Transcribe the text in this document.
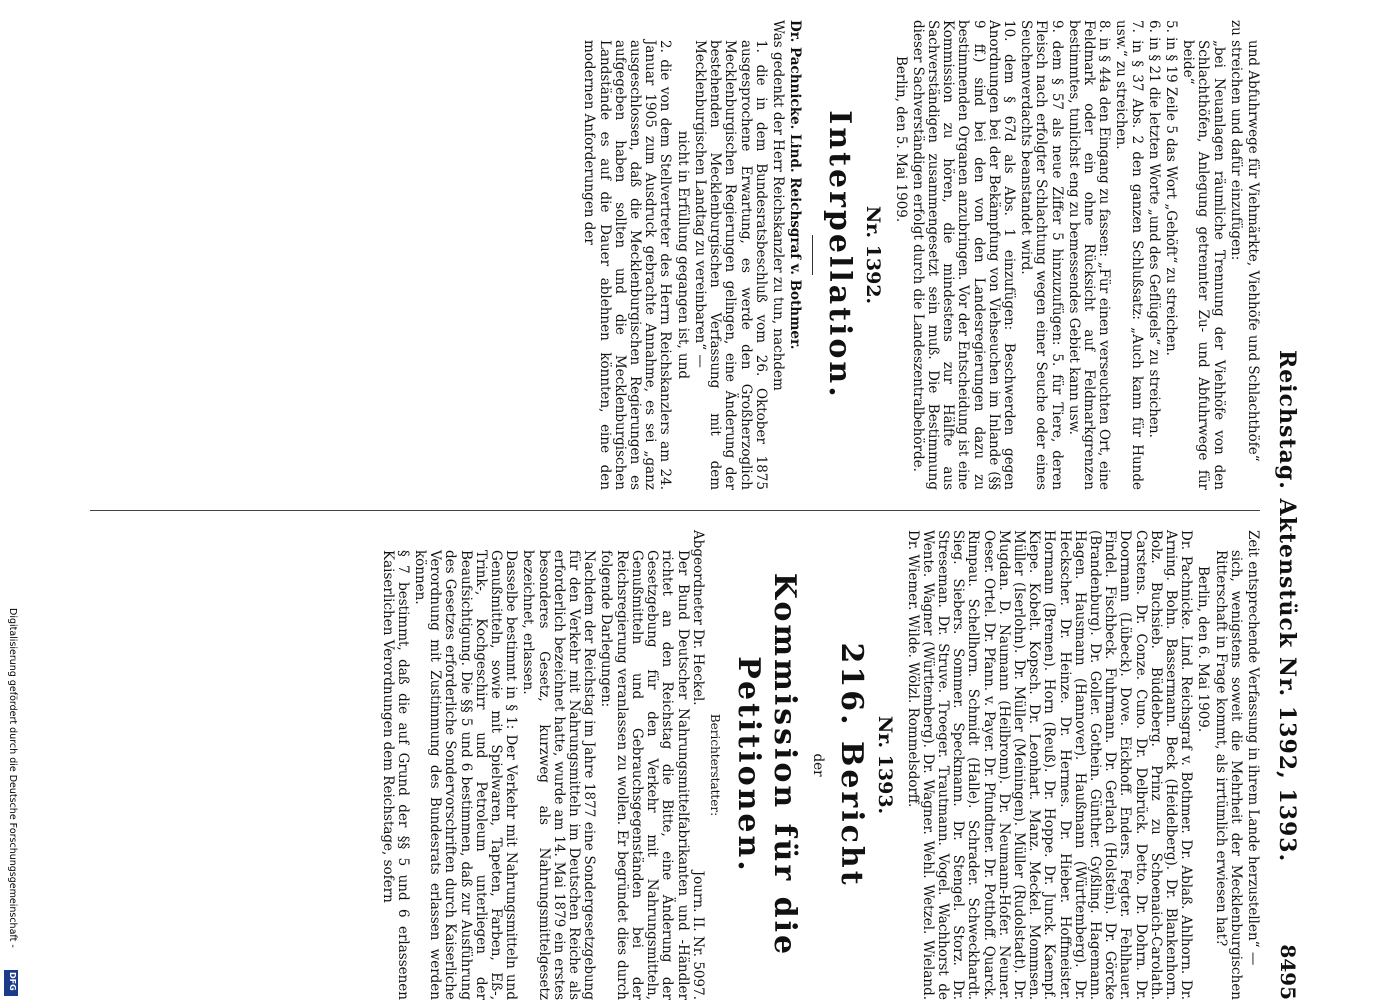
Reichstag. Aktenstück Nr. 1392, 1393.
8495

und Abfuhrwege für Viehmärkte, Viehhöfe und Schlachthöfe“

zu streichen und dafür einzufügen:

„bei Neuanlagen räumliche Trennung der Viehhöfe von den Schlachthöfen, Anlegung getrennter Zu- und Abfuhrwege für beide“

5. in § 19 Zeile 5 das Wort „Gehöft“ zu streichen.

6. in § 21 die letzten Worte „und des Geflügels“ zu streichen.

7. in § 37 Abs. 2 den ganzen Schlußsatz: „Auch kann für Hunde usw.“ zu streichen.

8. in § 44a den Eingang zu fassen: „Für einen verseuchten Ort, eine Feldmark oder ein ohne Rücksicht auf Feldmarkgrenzen bestimmtes, tunlichst eng zu bemessendes Gebiet kann usw.

9. dem § 57 als neue Ziffer 5 hinzuzufügen: 5. für Tiere, deren Fleisch nach erfolgter Schlachtung wegen einer Seuche oder eines Seuchenverdachts beanstandet wird.

10. dem § 67d als Abs. 1 einzufügen: Beschwerden gegen Anordnungen bei der Bekämpfung von Viehseuchen im Inlande (§§ 9 ff.) sind bei den von den Landesregierungen dazu zu bestimmenden Organen anzubringen. Vor der Entscheidung ist eine Kommission zu hören, die mindestens zur Hälfte aus Sachverständigen zusammengesetzt sein muß. Die Bestimmung dieser Sachverständigen erfolgt durch die Landeszentralbehörde.

Berlin, den 5. Mai 1909.

Nr. 1392.
Interpellation.

Dr. Pachnicke. Lind. Reichsgraf v. Bothmer.

Was gedenkt der Herr Reichskanzler zu tun, nachdem

1. die in dem Bundesratsbeschluß vom 26. Oktober 1875 ausgesprochene Erwartung, es werde den Großherzoglich Mecklenburgischen Regierungen gelingen, eine Änderung der bestehenden Mecklenburgischen Verfassung mit dem Mecklenburgischen Landtag zu vereinbaren“ —

nicht in Erfüllung gegangen ist, und

2. die von dem Stellvertreter des Herrn Reichskanzlers am 24. Januar 1905 zum Ausdruck gebrachte Annahme, es sei „ganz ausgeschlossen, daß die Mecklenburgischen Regierungen es aufgegeben haben sollten und die Mecklenburgischen Landstände es auf die Dauer ablehnen könnten, eine den modernen Anforderungen der

Zeit entsprechende Verfassung in ihrem Lande herzustellen“ —

sich, wenigstens soweit die Mehrheit der Mecklenburgischen Ritterschaft in Frage kommt, als irrtümlich erwiesen hat?

Berlin, den 6. Mai 1909.

Dr. Pachnicke. Lind. Reichsgraf v. Bothmer. Dr. Ablaß. Ahlhorn. Dr. Arning. Bohn. Bassermann. Beck (Heidelberg). Dr. Blankenhorn. Bolz. Buchsieb. Büddeberg. Prinz zu Schoenaich-Carolath. Carstens. Dr. Conze. Cuno. Dr. Delbrück. Detto. Dr. Dohrn. Dr. Doormann (Lübeck). Dove. Eickhoff. Enders. Fegter. Fehlhauer. Findel. Fischbeck. Fuhrmann. Dr. Gerlach (Holstein). Dr. Görcke (Brandenburg). Dr. Goller. Gothein. Günther. Gyßling. Hagemann. Hagen. Hausmann (Hannover). Haußmann (Württemberg). Dr. Heckscher. Dr. Heinze. Dr. Hermes. Dr. Hieber. Hoffmeister. Hormann (Bremen). Horn (Reuß). Dr. Hoppe. Dr. Junck. Kaempf. Kiepe. Kobelt. Kopsch. Dr. Leonhart. Manz. Meckel. Mommsen. Müller (Iserlohn). Dr. Müller (Meiningen). Müller (Rudolstadt). Dr. Mugdan. D. Naumann (Heilbronn). Dr. Neumann-Hofer. Neuner. Oeser. Ortel. Dr. Pfann. v. Payer. Dr. Pfundtner. Dr. Potthoff. Quarck. Rimpau. Schellhorn. Schmidt (Halle). Schrader. Schweckhardt. Sieg. Siebers. Sommer. Speckmann. Dr. Stengel. Storz. Dr. Streseman. Dr. Struve. Troeger. Trautmann. Vogel. Wachhorst de Wente. Wagner (Württemberg). Dr. Wagner. Wehl. Wetzel. Wieland. Dr. Wiemer. Wilde. Wölzl. Rommelsdorff.

Nr. 1393.
216. Bericht
der
Kommission für die Petitionen.

Berichterstatter:

Abgeordneter Dr. Heckel.
Journ. II. Nr. 5097.

Der Bund Deutscher Nahrungsmittelfabrikanten und -Händler richtet an den Reichstag die Bitte, eine Änderung der Gesetzgebung für den Verkehr mit Nahrungsmitteln, Genußmitteln und Gebrauchsgegenständen bei der Reichsregierung veranlassen zu wollen. Er begründet dies durch folgende Darlegungen:

Nachdem der Reichstag im Jahre 1877 eine Sondergesetzgebung für den Verkehr mit Nahrungsmitteln im Deutschen Reiche als erforderlich bezeichnet hatte, wurde am 14. Mai 1879 ein erstes besonderes Gesetz, kurzweg als Nahrungsmittelgesetz bezeichnet, erlassen.

Dasselbe bestimmt in § 1: Der Verkehr mit Nahrungsmitteln und Genußmitteln, sowie mit Spielwaren, Tapeten, Farben, Eß-, Trink-, Kochgeschirr und Petroleum unterliegen der Beaufsichtigung. Die §§ 5 und 6 bestimmen, daß zur Ausführung des Gesetzes erforderliche Sondervorschriften durch Kaiserliche Verordnung mit Zustimmung des Bundesrats erlassen werden können.

§ 7 bestimmt, daß die auf Grund der §§ 5 und 6 erlassenen Kaiserlichen Verordnungen dem Reichstage, sofern

Digitalisierung gefördert durch die Deutsche Forschungsgemeinschaft -
DFG
